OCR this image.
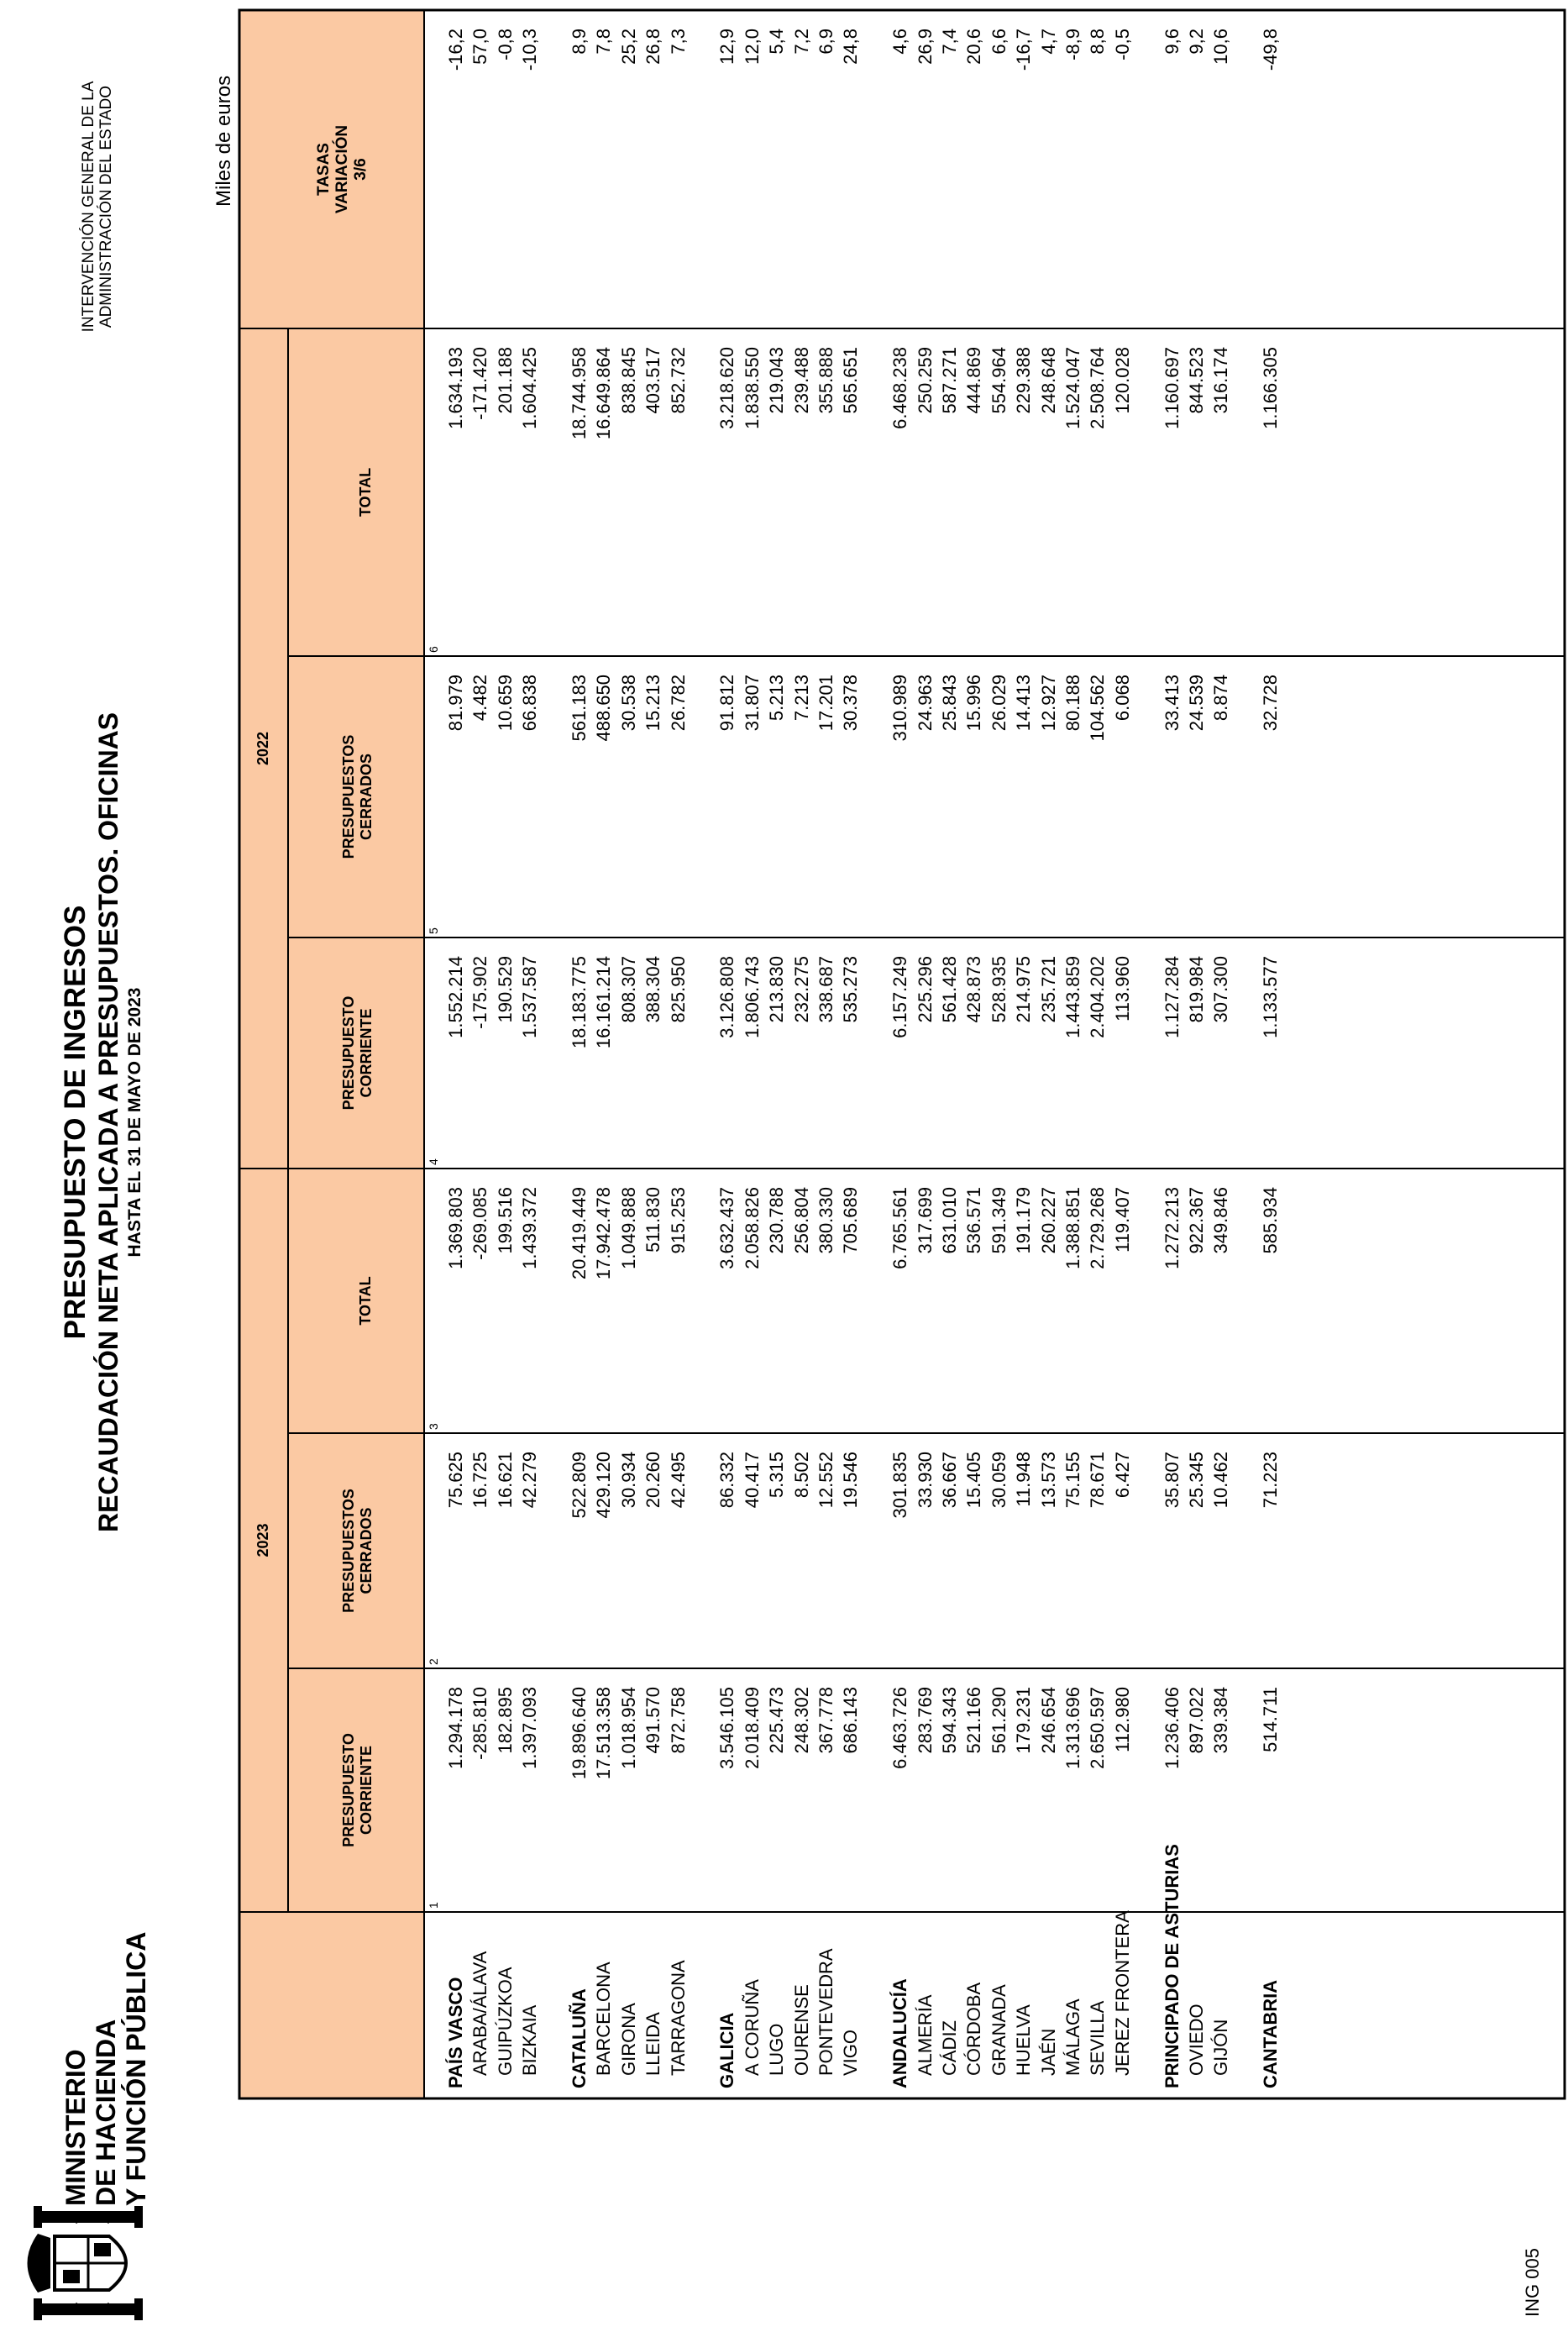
MINISTERIO DE HACIENDA Y FUNCIÓN PÚBLICA
PRESUPUESTO DE INGRESOS RECAUDACIÓN NETA APLICADA A PRESUPUESTOS. OFICINAS HASTA EL 31 DE MAYO DE 2023
INTERVENCIÓN GENERAL DE LA ADMINISTRACIÓN DEL ESTADO	Miles de euros
2023
2022
TASAS
VARIACIÓN
3/6
PRESUPUESTO
CORRIENTE
PRESUPUESTOS
CERRADOS
TOTAL
PRESUPUESTO
CORRIENTE
PRESUPUESTOS
CERRADOS
TOTAL
PAÍS VASCO
1.294.178
75.625
1.369.803
1.552.214
81.979
1.634.193
-16,2
ARABA/ÁLAVA
-285.810
16.725
-269.085
-175.902
4.482
-171.420
57,0
GUIPÚZKOA
182.895
16.621
199.516
190.529
10.659
201.188
-0,8
BIZKAIA
1.397.093
42.279
1.439.372
1.537.587
66.838
1.604.425
-10,3
CATALUÑA
19.896.640
522.809
20.419.449
18.183.775
561.183
18.744.958
8,9
BARCELONA
17.513.358
429.120
17.942.478
16.161.214
488.650
16.649.864
7,8
GIRONA
1.018.954
30.934
1.049.888
808.307
30.538
838.845
25,2
LLEIDA
491.570
20.260
511.830
388.304
15.213
403.517
26,8
TARRAGONA
872.758
42.495
915.253
825.950
26.782
852.732
7,3
GALICIA
3.546.105
86.332
3.632.437
3.126.808
91.812
3.218.620
12,9
A CORUÑA
2.018.409
40.417
2.058.826
1.806.743
31.807
1.838.550
12,0
LUGO
225.473
5.315
230.788
213.830
5.213
219.043
5,4
OURENSE
248.302
8.502
256.804
232.275
7.213
239.488
7,2
PONTEVEDRA
367.778
12.552
380.330
338.687
17.201
355.888
6,9
VIGO
686.143
19.546
705.689
535.273
30.378
565.651
24,8
ANDALUCÍA
6.463.726
301.835
6.765.561
6.157.249
310.989
6.468.238
4,6
ALMERÍA
283.769
33.930
317.699
225.296
24.963
250.259
26,9
CÁDIZ
594.343
36.667
631.010
561.428
25.843
587.271
7,4
CÓRDOBA
521.166
15.405
536.571
428.873
15.996
444.869
20,6
GRANADA
561.290
30.059
591.349
528.935
26.029
554.964
6,6
HUELVA
179.231
11.948
191.179
214.975
14.413
229.388
-16,7
JAÉN
246.654
13.573
260.227
235.721
12.927
248.648
4,7
MÁLAGA
1.313.696
75.155
1.388.851
1.443.859
80.188
1.524.047
-8,9
SEVILLA
2.650.597
78.671
2.729.268
2.404.202
104.562
2.508.764
8,8
JEREZ FRONTERA
112.980
6.427
119.407
113.960
6.068
120.028
-0,5
PRINCIPADO DE ASTURIAS
1.236.406
35.807
1.272.213
1.127.284
33.413
1.160.697
9,6
OVIEDO
897.022
25.345
922.367
819.984
24.539
844.523
9,2
GIJÓN
339.384
10.462
349.846
307.300
8.874
316.174
10,6
CANTABRIA
514.711
71.223
585.934
1.133.577
32.728
1.166.305
-49,8
ING 005
1
2
3
4
5
6
